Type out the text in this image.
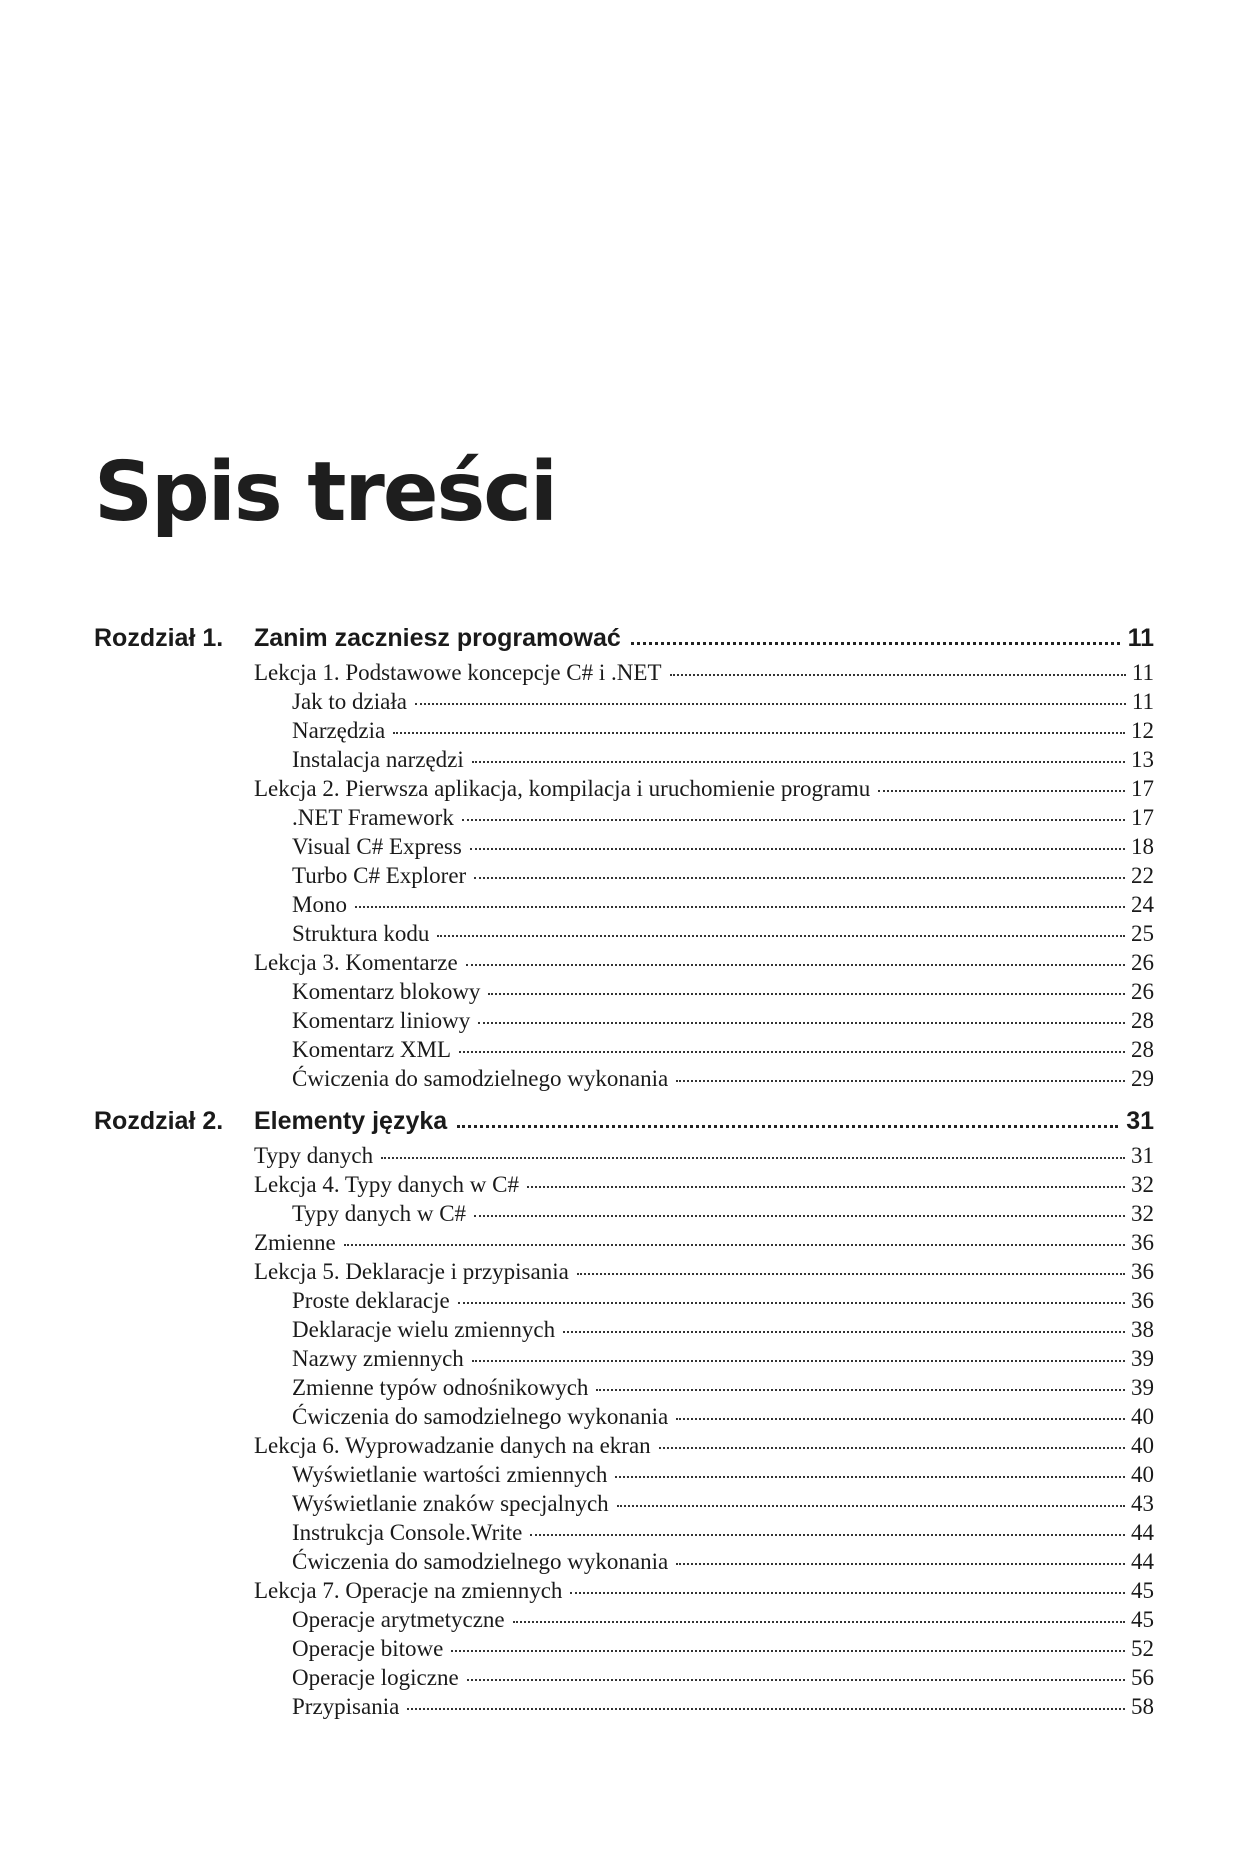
Spis treści
Rozdział 1.	Zanim zaczniesz programować	11
Lekcja 1. Podstawowe koncepcje C# i .NET	11
Jak to działa	11
Narzędzia	12
Instalacja narzędzi	13
Lekcja 2. Pierwsza aplikacja, kompilacja i uruchomienie programu	17
.NET Framework	17
Visual C# Express	18
Turbo C# Explorer	22
Mono	24
Struktura kodu	25
Lekcja 3. Komentarze	26
Komentarz blokowy	26
Komentarz liniowy	28
Komentarz XML	28
Ćwiczenia do samodzielnego wykonania	29
Rozdział 2.	Elementy języka	31
Typy danych	31
Lekcja 4. Typy danych w C#	32
Typy danych w C#	32
Zmienne	36
Lekcja 5. Deklaracje i przypisania	36
Proste deklaracje	36
Deklaracje wielu zmiennych	38
Nazwy zmiennych	39
Zmienne typów odnośnikowych	39
Ćwiczenia do samodzielnego wykonania	40
Lekcja 6. Wyprowadzanie danych na ekran	40
Wyświetlanie wartości zmiennych	40
Wyświetlanie znaków specjalnych	43
Instrukcja Console.Write	44
Ćwiczenia do samodzielnego wykonania	44
Lekcja 7. Operacje na zmiennych	45
Operacje arytmetyczne	45
Operacje bitowe	52
Operacje logiczne	56
Przypisania	58
